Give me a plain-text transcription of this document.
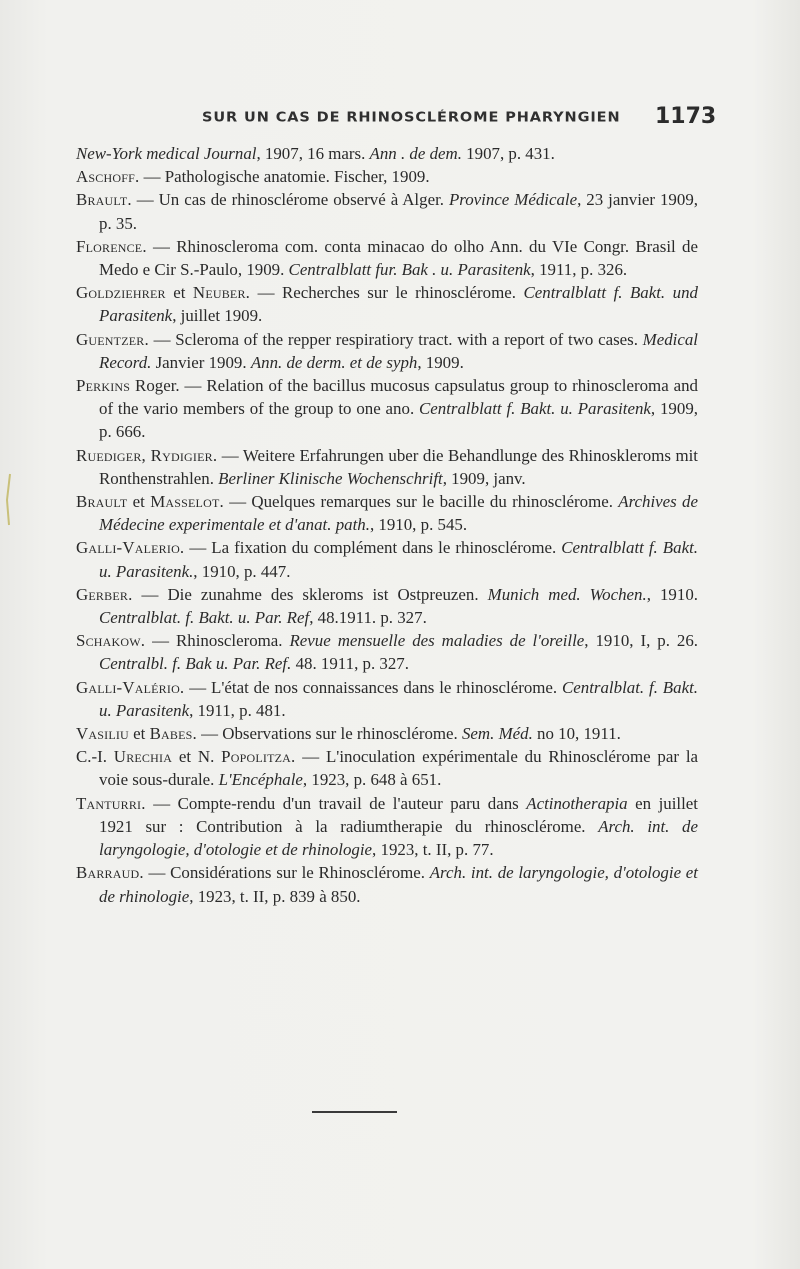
SUR UN CAS DE RHINOSCLÉROME PHARYNGIEN 1173

New-York medical Journal, 1907, 16 mars. Ann . de dem. 1907, p. 431.

Aschoff. — Pathologische anatomie. Fischer, 1909.

Brault. — Un cas de rhinosclérome observé à Alger. Province Médicale, 23 janvier 1909, p. 35.

Florence. — Rhinoscleroma com. conta minacao do olho Ann. du VIe Congr. Brasil de Medo e Cir S.-Paulo, 1909. Centralblatt fur. Bak . u. Parasitenk, 1911, p. 326.

Goldziehrer et Neuber. — Recherches sur le rhinosclérome. Centralblatt f. Bakt. und Parasitenk, juillet 1909.

Guentzer. — Scleroma of the repper respiratiory tract. with a report of two cases. Medical Record. Janvier 1909. Ann. de derm. et de syph, 1909.

Perkins Roger. — Relation of the bacillus mucosus capsulatus group to rhinoscleroma and of the vario members of the group to one ano. Centralblatt f. Bakt. u. Parasitenk, 1909, p. 666.

Ruediger, Rydigier. — Weitere Erfahrungen uber die Behandlunge des Rhinoskleroms mit Ronthenstrahlen. Berliner Klinische Wochenschrift, 1909, janv.

Brault et Masselot. — Quelques remarques sur le bacille du rhinosclérome. Archives de Médecine experimentale et d'anat. path., 1910, p. 545.

Galli-Valerio. — La fixation du complément dans le rhinosclérome. Centralblatt f. Bakt. u. Parasitenk., 1910, p. 447.

Gerber. — Die zunahme des skleroms ist Ostpreuzen. Munich med. Wochen., 1910. Centralblat. f. Bakt. u. Par. Ref, 48.1911. p. 327.

Schakow. — Rhinoscleroma. Revue mensuelle des maladies de l'oreille, 1910, I, p. 26. Centralbl. f. Bak u. Par. Ref. 48. 1911, p. 327.

Galli-Valério. — L'état de nos connaissances dans le rhinosclérome. Centralblat. f. Bakt. u. Parasitenk, 1911, p. 481.

Vasiliu et Babes. — Observations sur le rhinosclérome. Sem. Méd. no 10, 1911.

C.-I. Urechia et N. Popolitza. — L'inoculation expérimentale du Rhinosclérome par la voie sous-durale. L'Encéphale, 1923, p. 648 à 651.

Tanturri. — Compte-rendu d'un travail de l'auteur paru dans Actinotherapia en juillet 1921 sur : Contribution à la radiumtherapie du rhinosclérome. Arch. int. de laryngologie, d'otologie et de rhinologie, 1923, t. II, p. 77.

Barraud. — Considérations sur le Rhinosclérome. Arch. int. de laryngologie, d'otologie et de rhinologie, 1923, t. II, p. 839 à 850.
